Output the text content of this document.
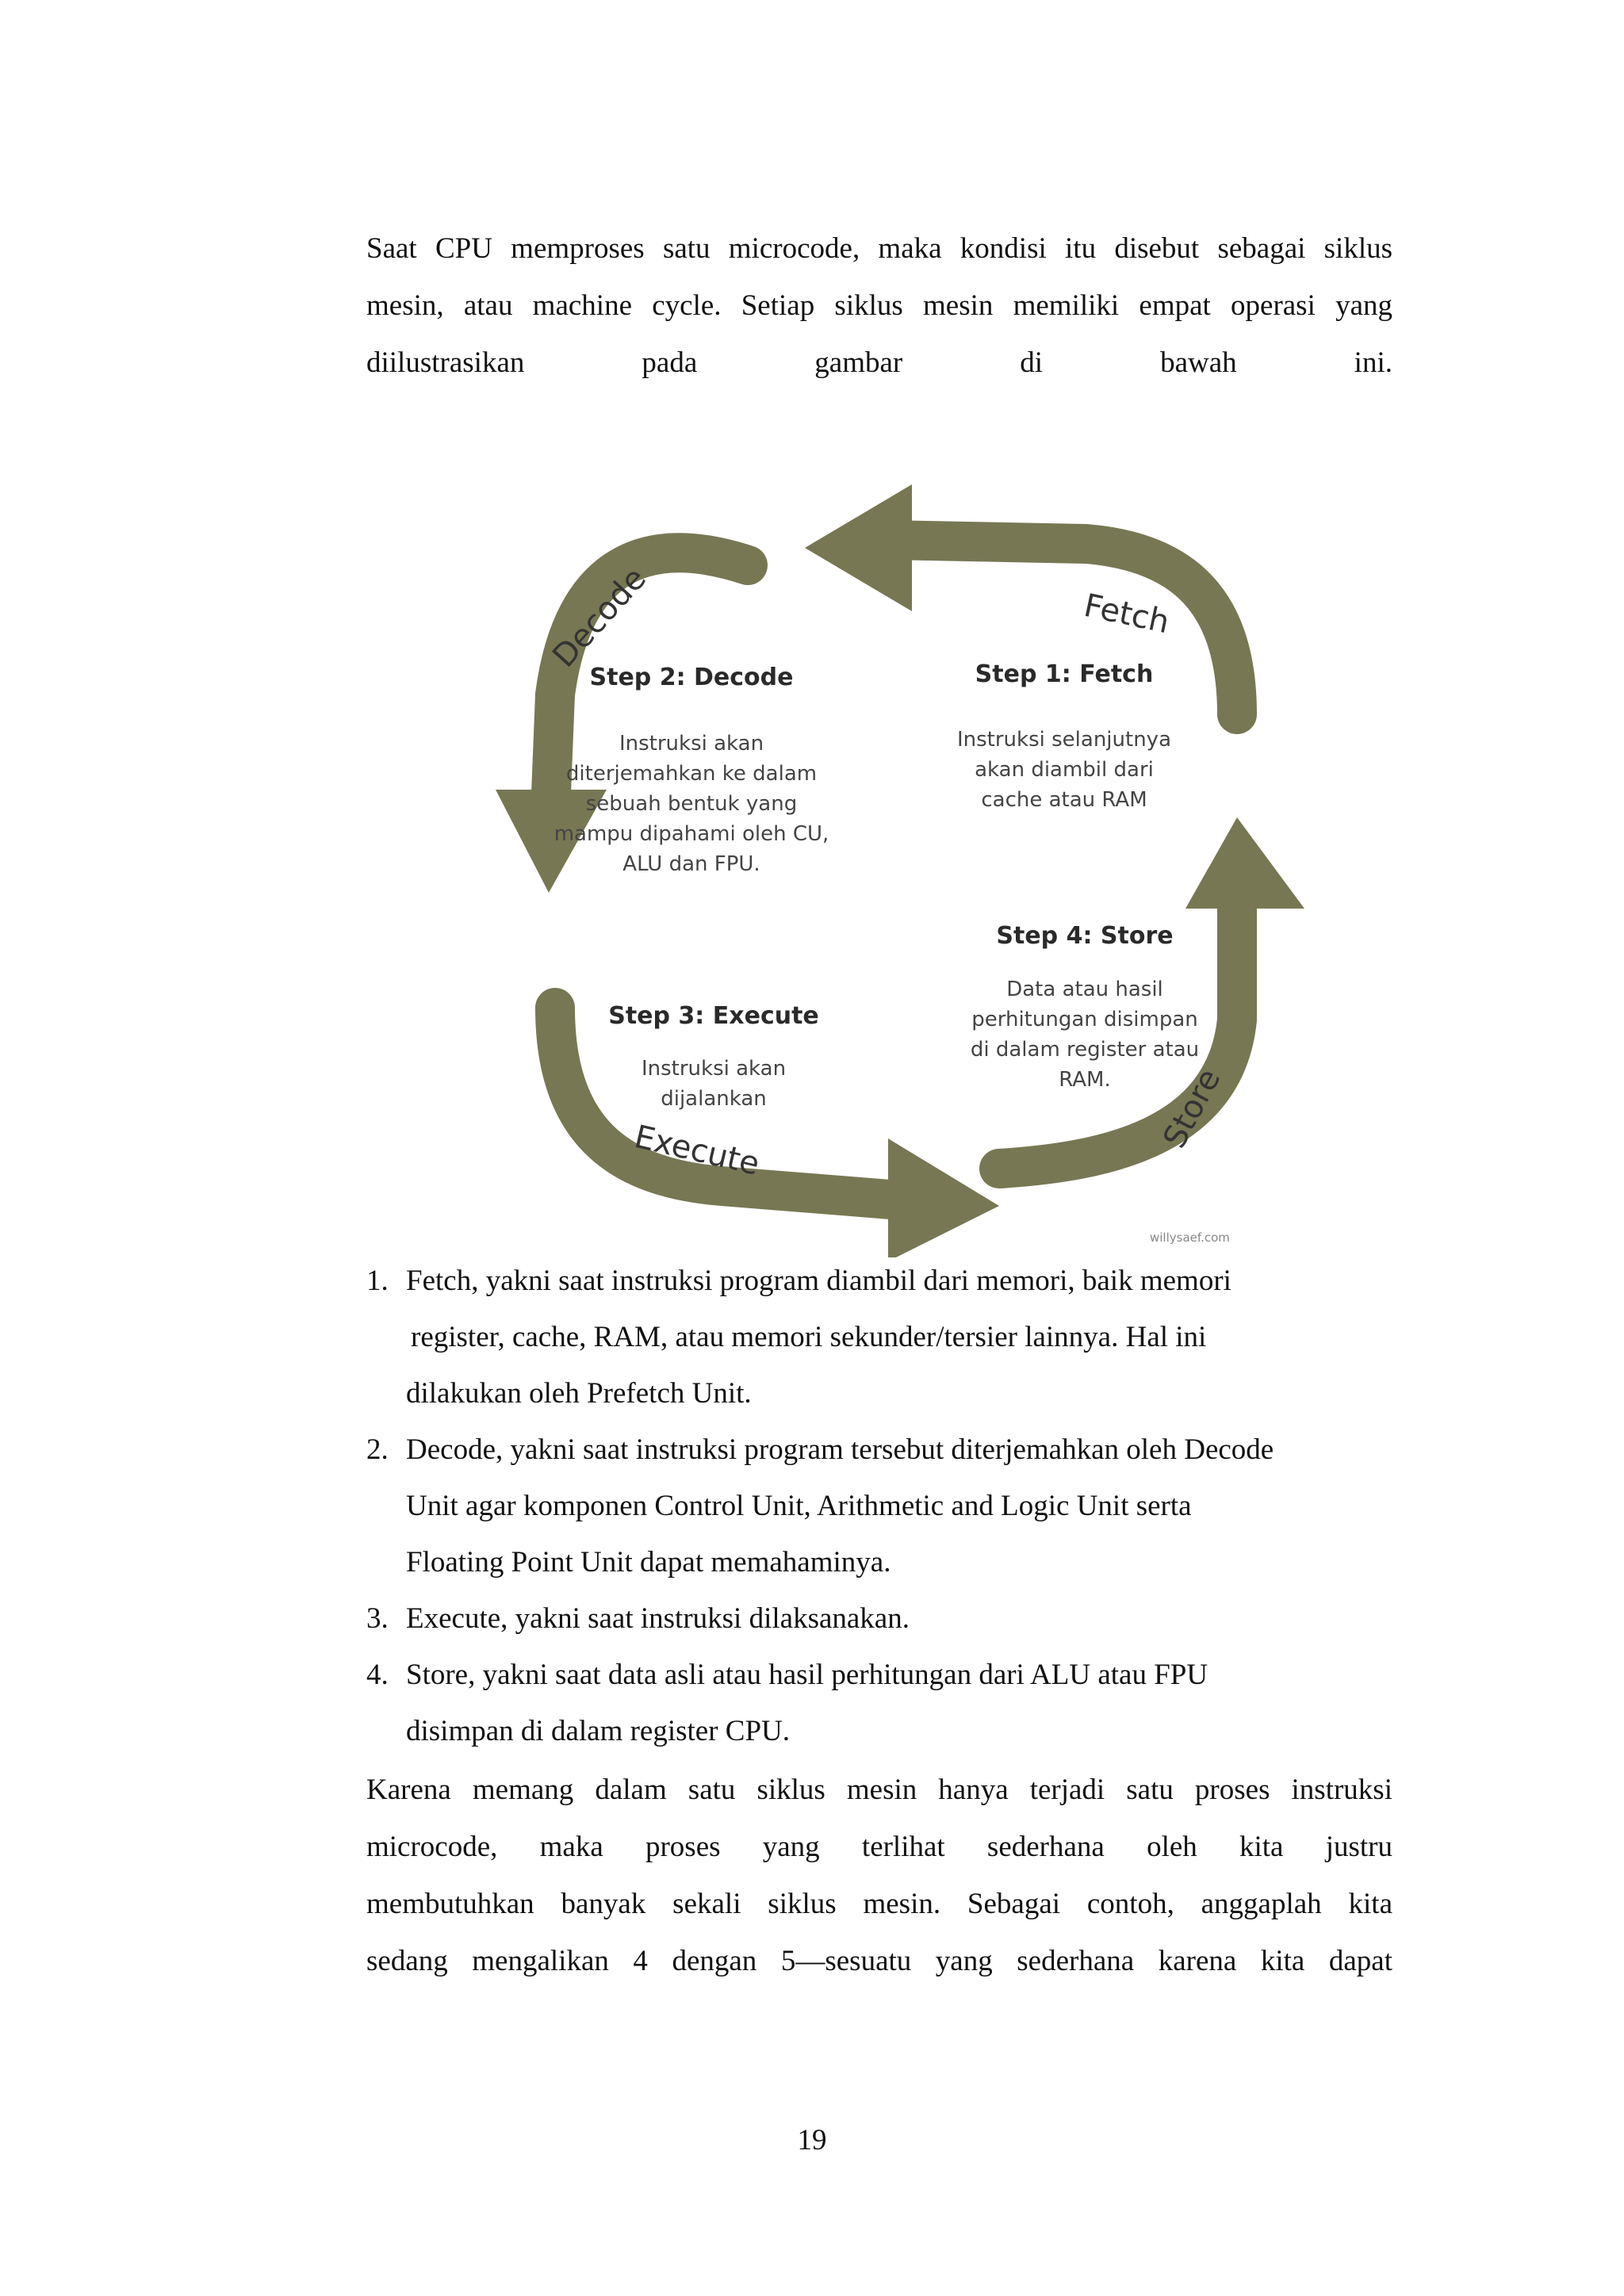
Saat CPU memproses satu microcode, maka kondisi itu disebut sebagai siklus
mesin, atau machine cycle. Setiap siklus mesin memiliki empat operasi yang
diilustrasikan pada gambar di bawah ini.
Fetch
Decode
Execute	Store
Step 2: Decode
Instruksi akan
diterjemahkan ke dalam
sebuah bentuk yang
mampu dipahami oleh CU,
ALU dan FPU.
Step 1: Fetch
Instruksi selanjutnya
akan diambil dari
cache atau RAM
Step 3: Execute
Instruksi akan
dijalankan
Step 4: Store
Data atau hasil
perhitungan disimpan
di dalam register atau
RAM.
willysaef.com
1. Fetch, yakni saat instruksi program diambil dari memori, baik memori
register, cache, RAM, atau memori sekunder/tersier lainnya. Hal ini
dilakukan oleh Prefetch Unit.
2. Decode, yakni saat instruksi program tersebut diterjemahkan oleh Decode
Unit agar komponen Control Unit, Arithmetic and Logic Unit serta
Floating Point Unit dapat memahaminya.
3. Execute, yakni saat instruksi dilaksanakan.
4. Store, yakni saat data asli atau hasil perhitungan dari ALU atau FPU
disimpan di dalam register CPU.
Karena memang dalam satu siklus mesin hanya terjadi satu proses instruksi
microcode, maka proses yang terlihat sederhana oleh kita justru
membutuhkan banyak sekali siklus mesin. Sebagai contoh, anggaplah kita
sedang mengalikan 4 dengan 5—sesuatu yang sederhana karena kita dapat
19
